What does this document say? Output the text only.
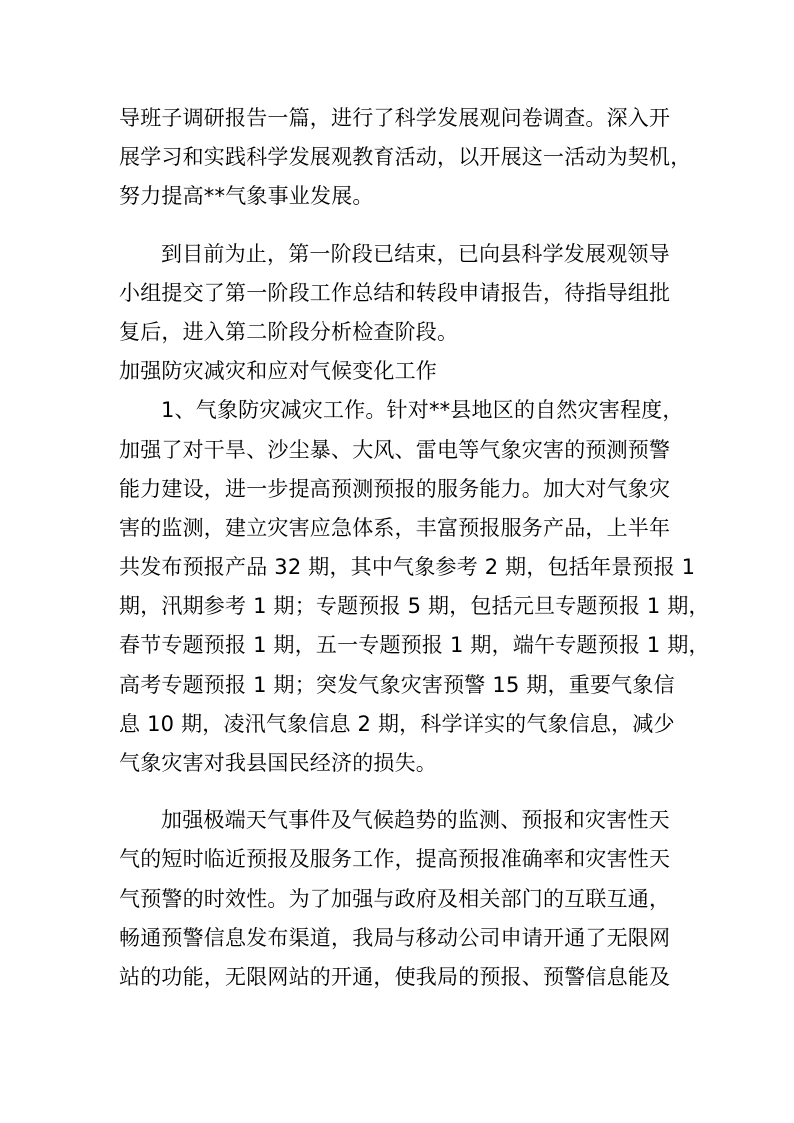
导班子调研报告一篇，进行了科学发展观问卷调查。深入开
展学习和实践科学发展观教育活动，以开展这一活动为契机，
努力提高**气象事业发展。
到目前为止，第一阶段已结束，已向县科学发展观领导
小组提交了第一阶段工作总结和转段申请报告，待指导组批
复后，进入第二阶段分析检查阶段。
加强防灾减灾和应对气候变化工作
1、气象防灾减灾工作。针对**县地区的自然灾害程度，
加强了对干旱、沙尘暴、大风、雷电等气象灾害的预测预警
能力建设，进一步提高预测预报的服务能力。加大对气象灾
害的监测，建立灾害应急体系，丰富预报服务产品，上半年
共发布预报产品 32 期，其中气象参考 2 期，包括年景预报 1
期，汛期参考 1 期；专题预报 5 期，包括元旦专题预报 1 期，
春节专题预报 1 期，五一专题预报 1 期，端午专题预报 1 期，
高考专题预报 1 期；突发气象灾害预警 15 期，重要气象信
息 10 期，凌汛气象信息 2 期，科学详实的气象信息，减少
气象灾害对我县国民经济的损失。
加强极端天气事件及气候趋势的监测、预报和灾害性天
气的短时临近预报及服务工作，提高预报准确率和灾害性天
气预警的时效性。为了加强与政府及相关部门的互联互通，
畅通预警信息发布渠道，我局与移动公司申请开通了无限网
站的功能，无限网站的开通，使我局的预报、预警信息能及
